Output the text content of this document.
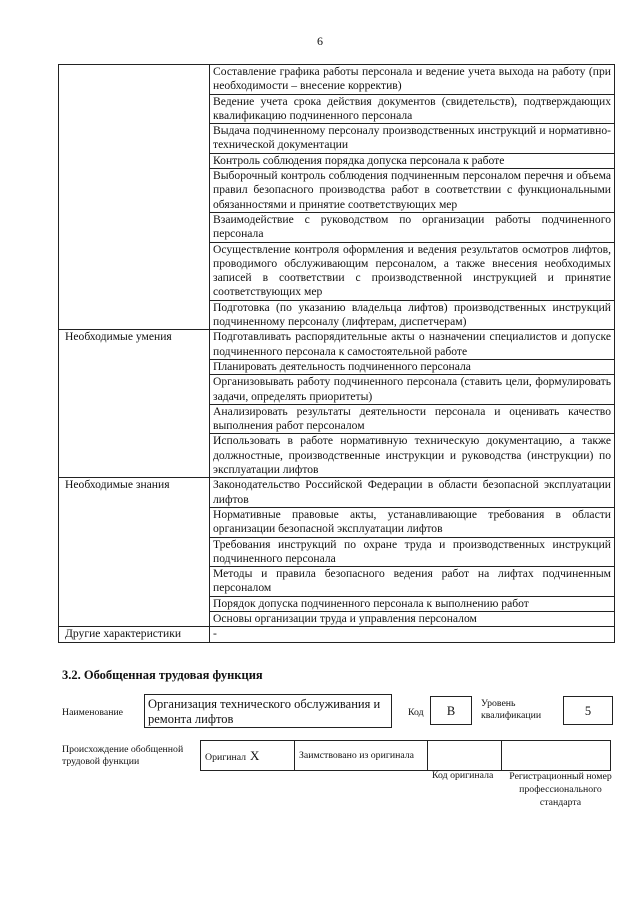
6
	Составление графика работы персонала и ведение учета выхода на работу (при необходимости – внесение корректив)
	Ведение учета срока действия документов (свидетельств), подтверждающих квалификацию подчиненного персонала
	Выдача подчиненному персоналу производственных инструкций и нормативно-технической документации
	Контроль соблюдения порядка допуска персонала к работе
	Выборочный контроль соблюдения подчиненным персоналом перечня и объема правил безопасного производства работ в соответствии с функциональными обязанностями и принятие соответствующих мер
	Взаимодействие с руководством по организации работы подчиненного персонала
	Осуществление контроля оформления и ведения результатов осмотров лифтов, проводимого обслуживающим персоналом, а также внесения необходимых записей в соответствии с производственной инструкцией и принятие соответствующих мер
	Подготовка (по указанию владельца лифтов) производственных инструкций подчиненному персоналу (лифтерам, диспетчерам)
Необходимые умения	Подготавливать распорядительные акты о назначении специалистов и допуске подчиненного персонала к самостоятельной работе
	Планировать деятельность подчиненного персонала
	Организовывать работу подчиненного персонала (ставить цели, формулировать задачи, определять приоритеты)
	Анализировать результаты деятельности персонала и оценивать качество выполнения работ персоналом
	Использовать в работе нормативную техническую документацию, а также должностные, производственные инструкции и руководства (инструкции) по эксплуатации лифтов
Необходимые знания	Законодательство Российской Федерации в области безопасной эксплуатации лифтов
	Нормативные правовые акты, устанавливающие требования в области организации безопасной эксплуатации лифтов
	Требования инструкций по охране труда и производственных инструкций подчиненного персонала
	Методы и правила безопасного ведения работ на лифтах подчиненным персоналом
	Порядок допуска подчиненного персонала к выполнению работ
	Основы организации труда и управления персоналом
Другие характеристики	-
3.2. Обобщенная трудовая функция
Наименование
Организация технического обслуживания и ремонта лифтов	Код	B
Уровень квалификации	5
Происхождение обобщенной трудовой функции	Оригинал X	Заимствовано из оригинала		
Код оригинала Регистрационный номер профессионального стандарта
